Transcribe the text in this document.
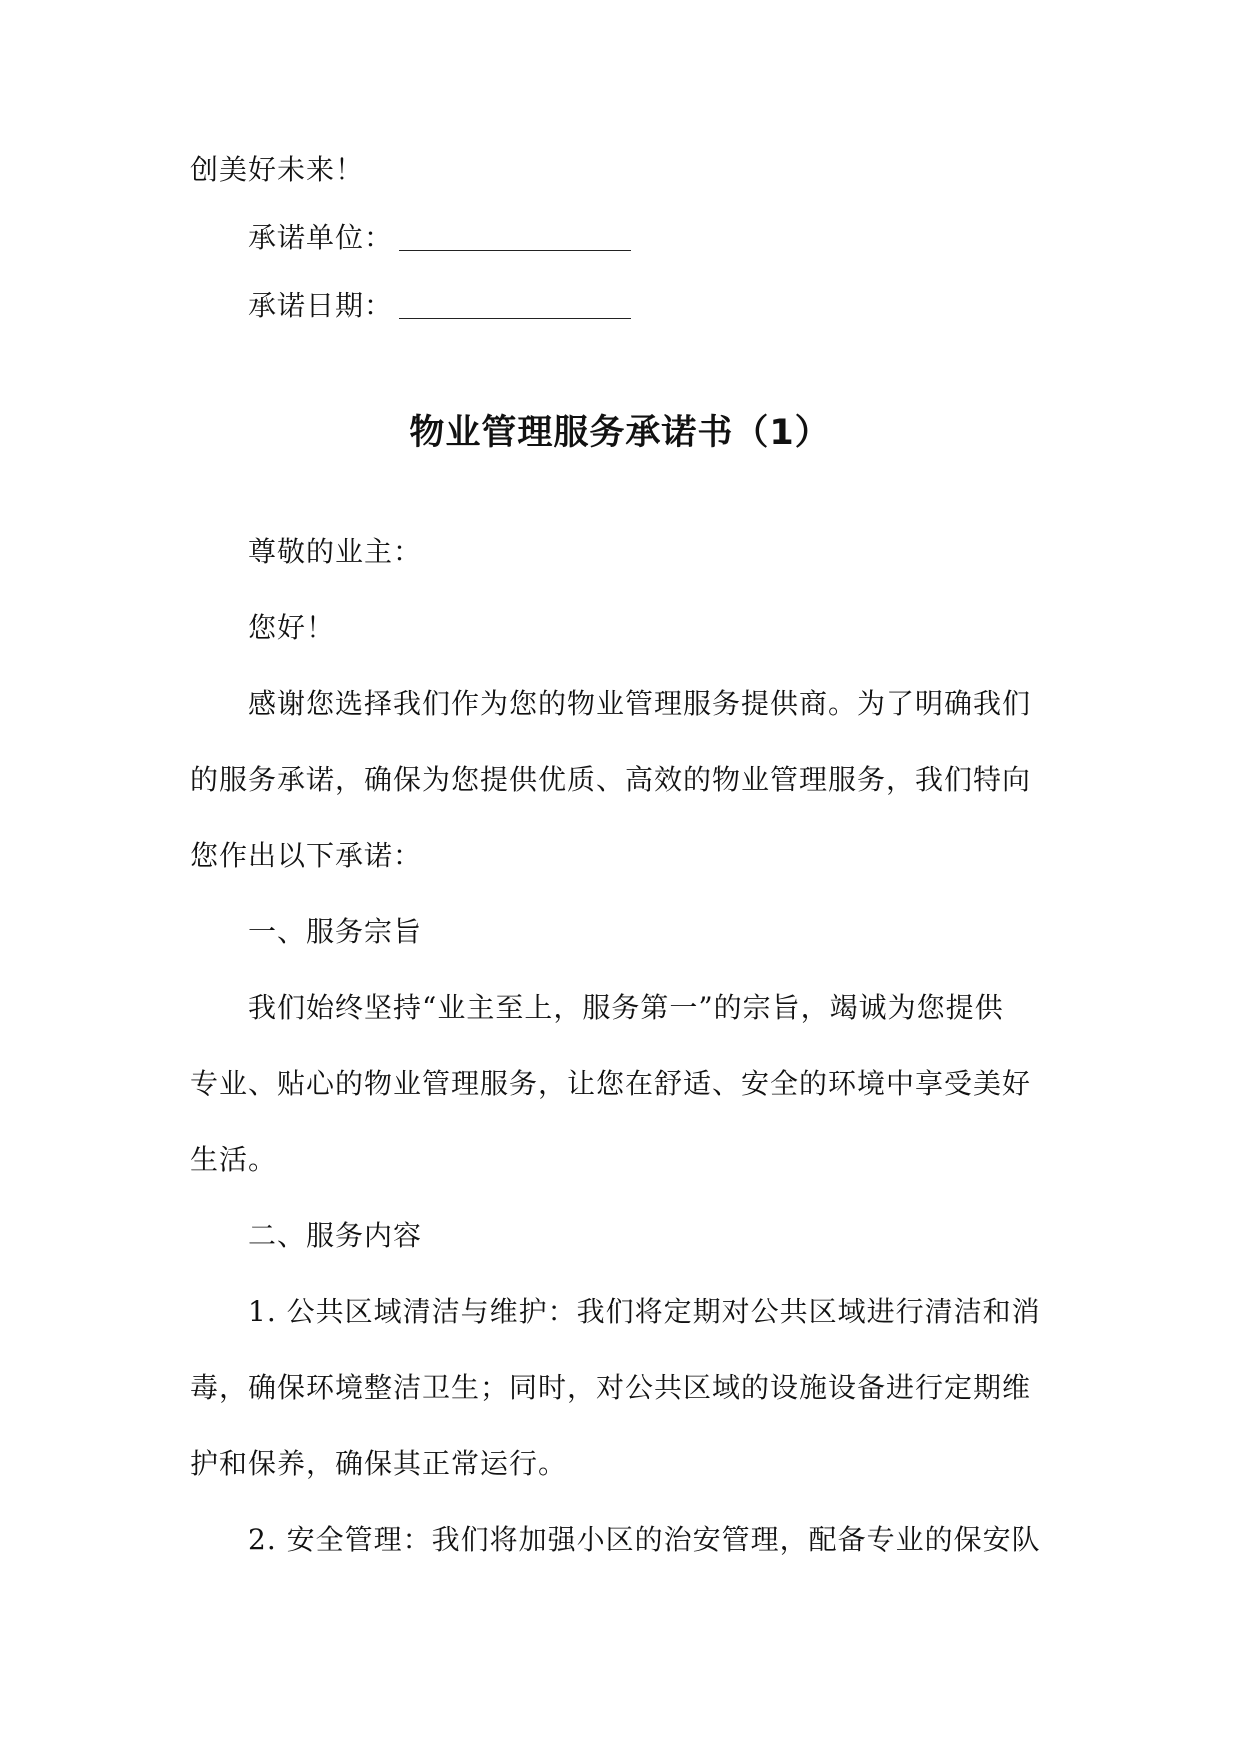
创美好未来！
承诺单位：
承诺日期：
物业管理服务承诺书（1）
尊敬的业主：
您好！
感谢您选择我们作为您的物业管理服务提供商。为了明确我们
的服务承诺，确保为您提供优质、高效的物业管理服务，我们特向
您作出以下承诺：
一、服务宗旨
我们始终坚持“业主至上，服务第一”的宗旨，竭诚为您提供
专业、贴心的物业管理服务，让您在舒适、安全的环境中享受美好
生活。
二、服务内容
1. 公共区域清洁与维护：我们将定期对公共区域进行清洁和消
毒，确保环境整洁卫生；同时，对公共区域的设施设备进行定期维
护和保养，确保其正常运行。
2. 安全管理：我们将加强小区的治安管理，配备专业的保安队
